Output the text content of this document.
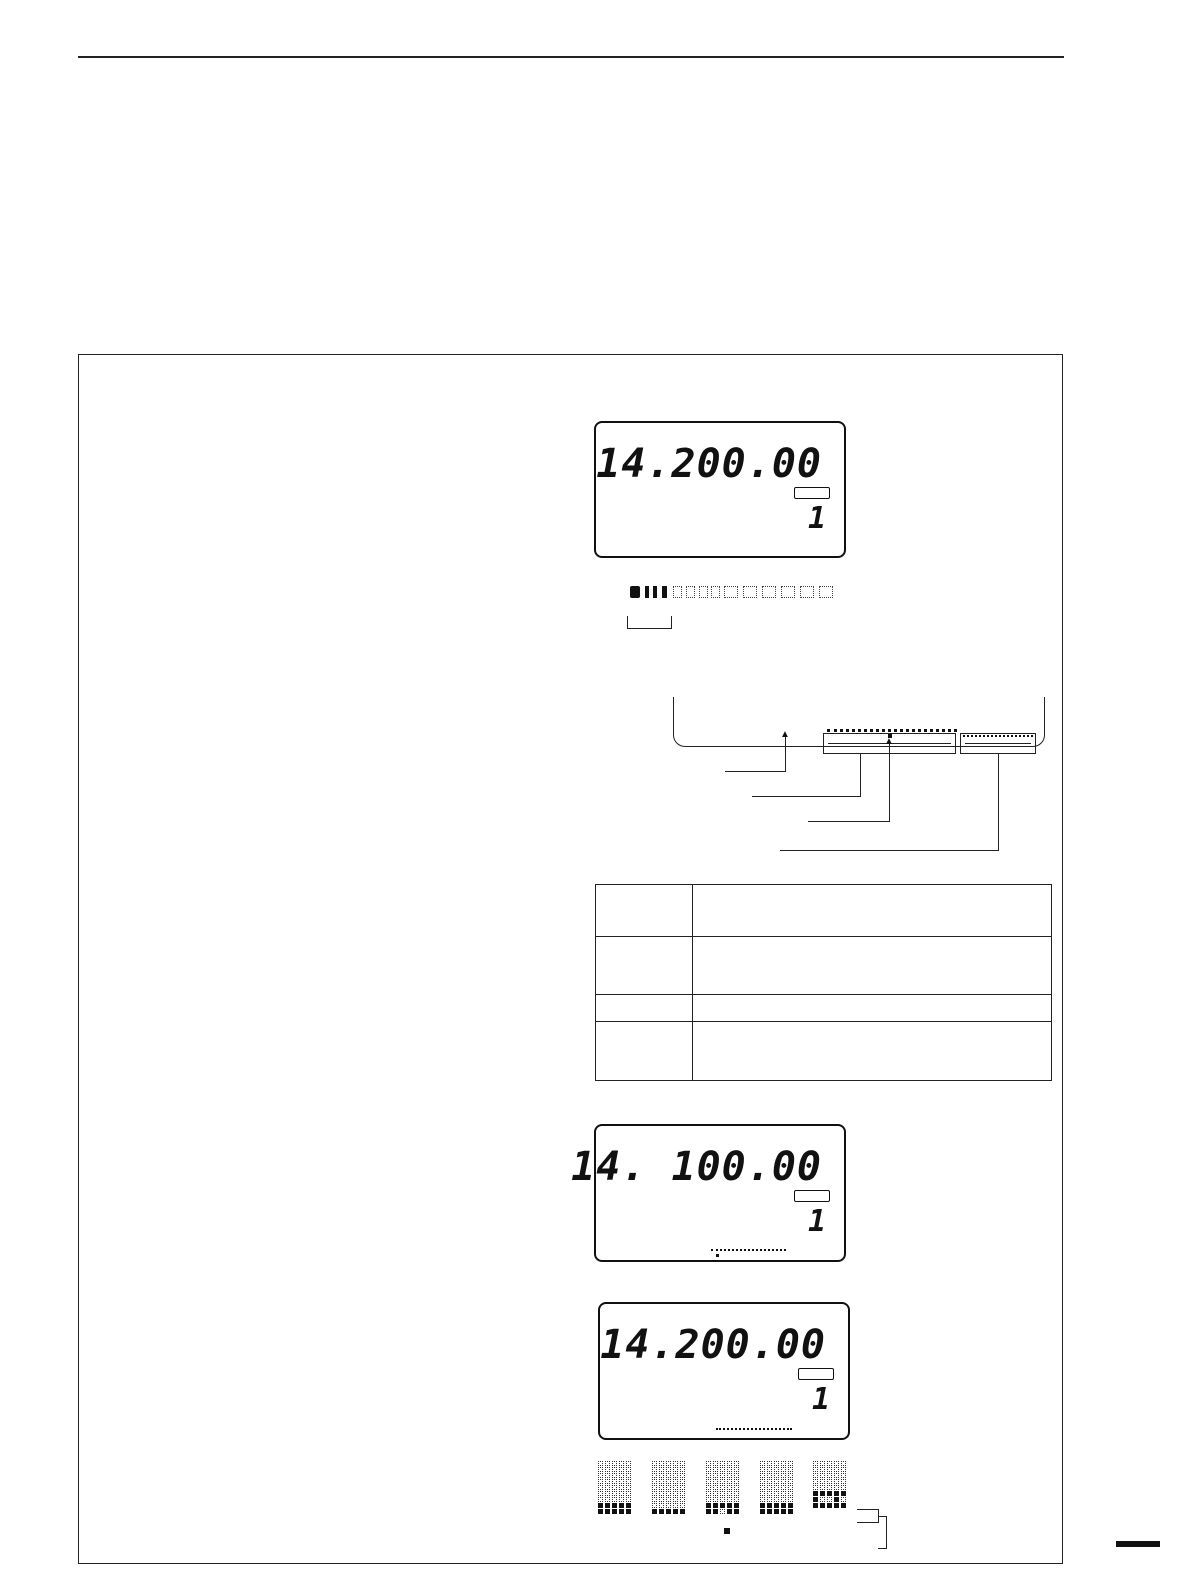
14.200.00
1
▲
▲

14. 100.00
1
14.200.00
1
